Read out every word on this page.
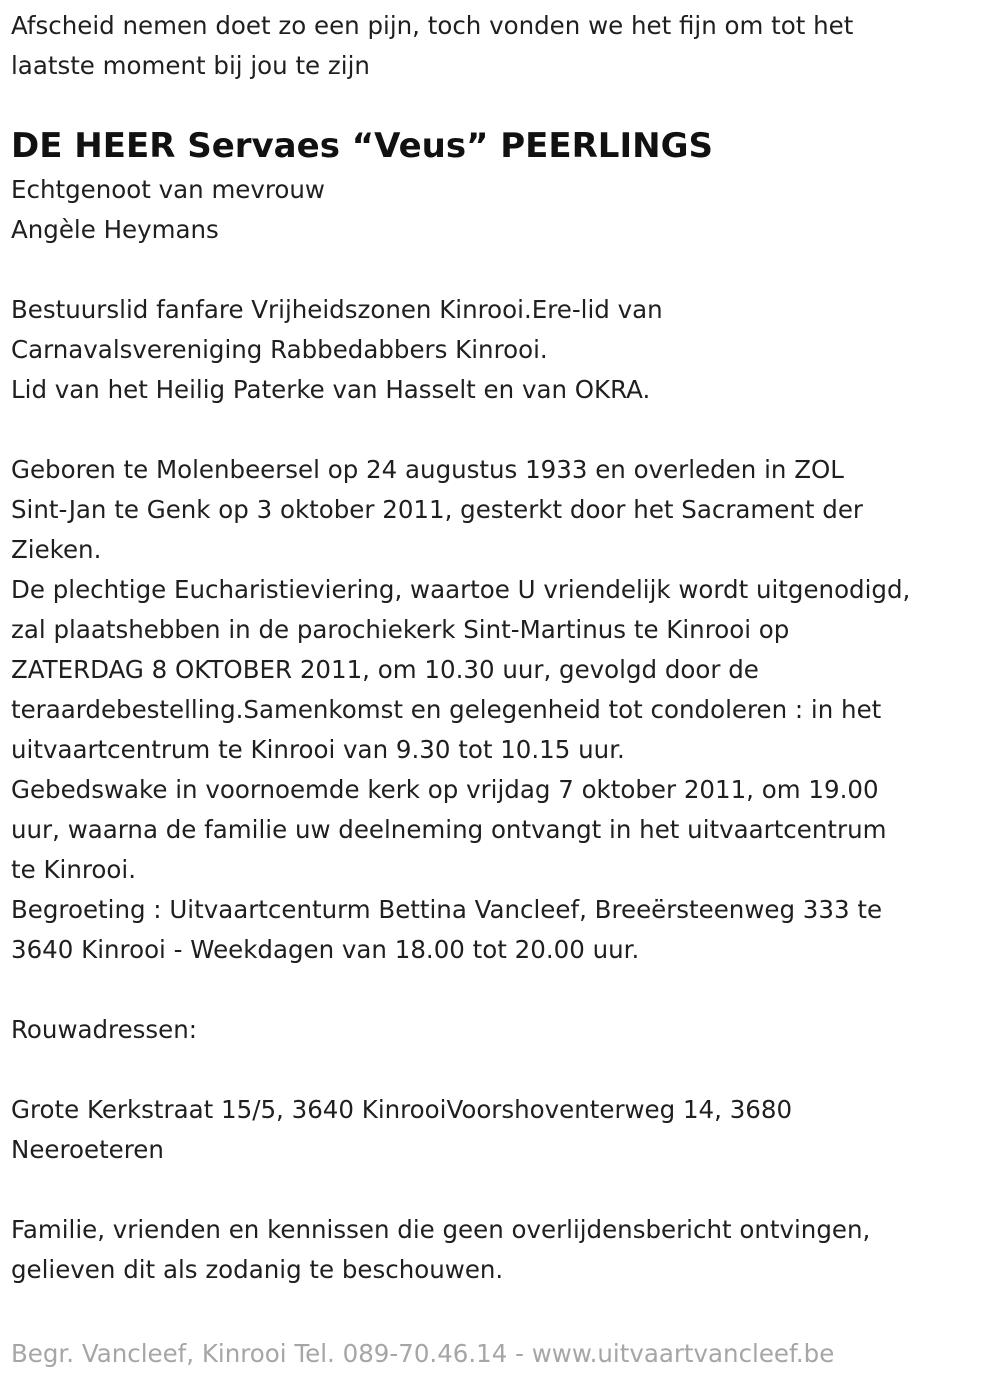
Afscheid nemen doet zo een pijn, toch vonden we het fijn om tot het

laatste moment bij jou te zijn

DE HEER Servaes “Veus” PEERLINGS

Echtgenoot van mevrouw

Angèle Heymans

Bestuurslid fanfare Vrijheidszonen Kinrooi.Ere-lid van

Carnavalsvereniging Rabbedabbers Kinrooi.

Lid van het Heilig Paterke van Hasselt en van OKRA.

Geboren te Molenbeersel op 24 augustus 1933 en overleden in ZOL

Sint-Jan te Genk op 3 oktober 2011, gesterkt door het Sacrament der

Zieken.

De plechtige Eucharistieviering, waartoe U vriendelijk wordt uitgenodigd,

zal plaatshebben in de parochiekerk Sint-Martinus te Kinrooi op

ZATERDAG 8 OKTOBER 2011, om 10.30 uur, gevolgd door de

teraardebestelling.Samenkomst en gelegenheid tot condoleren : in het

uitvaartcentrum te Kinrooi van 9.30 tot 10.15 uur.

Gebedswake in voornoemde kerk op vrijdag 7 oktober 2011, om 19.00

uur, waarna de familie uw deelneming ontvangt in het uitvaartcentrum

te Kinrooi.

Begroeting : Uitvaartcenturm Bettina Vancleef, Breeërsteenweg 333 te

3640 Kinrooi - Weekdagen van 18.00 tot 20.00 uur.

Rouwadressen:

Grote Kerkstraat 15/5, 3640 KinrooiVoorshoventerweg 14, 3680

Neeroeteren

Familie, vrienden en kennissen die geen overlijdensbericht ontvingen,

gelieven dit als zodanig te beschouwen.

Begr. Vancleef, Kinrooi Tel. 089-70.46.14 - www.uitvaartvancleef.be
